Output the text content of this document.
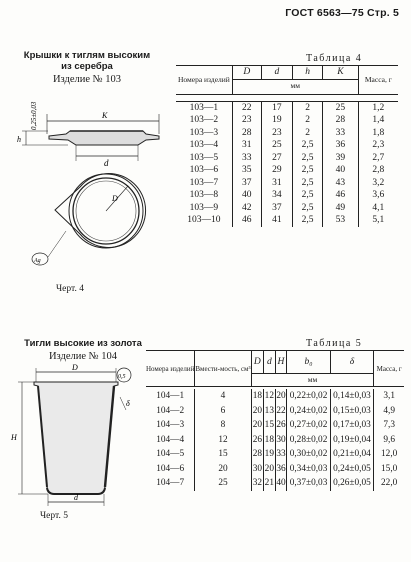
ГОСТ 6563—75 Стр. 5
Крышки к тиглям высоким
из серебра
Изделие № 103
0,25±0,03	K
h
d
D
Ag
Черт. 4
Таблица 4
Номера изделий	D	d	h	K	Масса, г
	мм				

103—1	22	17	2	25	1,2
103—2	23	19	2	28	1,4
103—3	28	23	2	33	1,8
103—4	31	25	2,5	36	2,3
103—5	33	27	2,5	39	2,7
103—6	35	29	2,5	40	2,8
103—7	37	31	2,5	43	3,2
103—8	40	34	2,5	46	3,6
103—9	42	37	2,5	49	4,1
103—10	46	41	2,5	53	5,1
Тигли высокие из золота
Изделие № 104
D
0,5
δ
H
d
Черт. 5
Таблица 5
Номера изделий	Вмести-мость, см³	D	d	H	b₀	δ	Масса, г
		мм					

104—1	4	18	12	20	0,22±0,02	0,14±0,03	3,1
104—2	6	20	13	22	0,24±0,02	0,15±0,03	4,9
104—3	8	20	15	26	0,27±0,02	0,17±0,03	7,3
104—4	12	26	18	30	0,28±0,02	0,19±0,04	9,6
104—5	15	28	19	33	0,30±0,02	0,21±0,04	12,0
104—6	20	30	20	36	0,34±0,03	0,24±0,05	15,0
104—7	25	32	21	40	0,37±0,03	0,26±0,05	22,0
